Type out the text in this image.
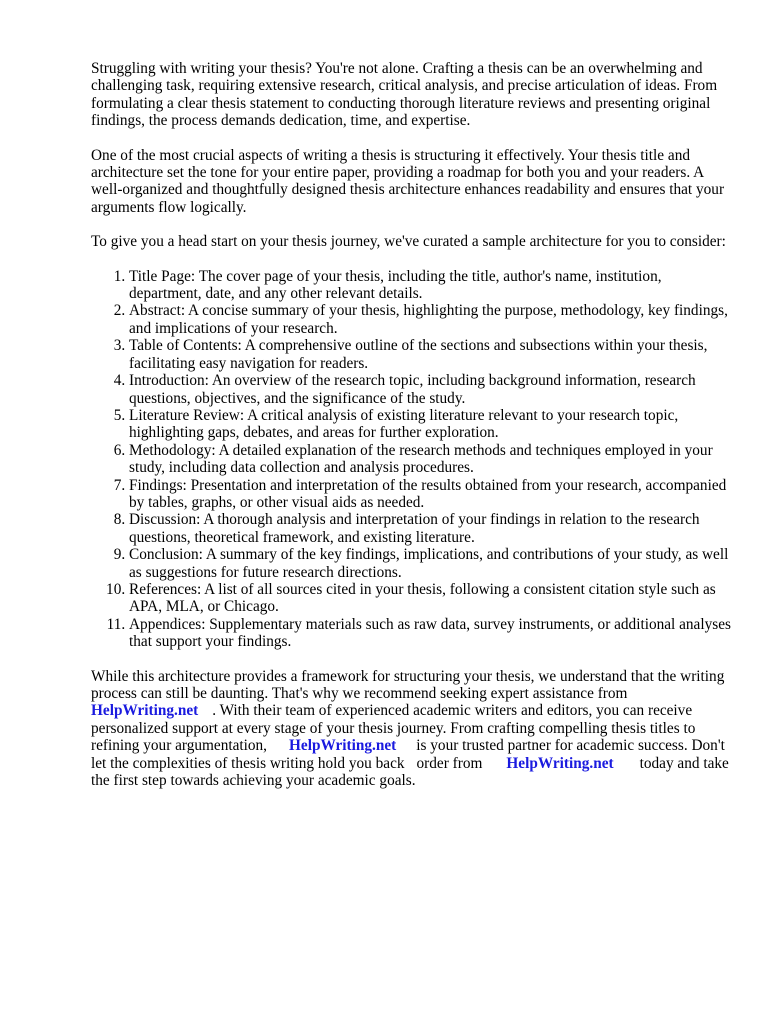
Struggling with writing your thesis? You're not alone. Crafting a thesis can be an overwhelming and challenging task, requiring extensive research, critical analysis, and precise articulation of ideas. From formulating a clear thesis statement to conducting thorough literature reviews and presenting original findings, the process demands dedication, time, and expertise.

One of the most crucial aspects of writing a thesis is structuring it effectively. Your thesis title and architecture set the tone for your entire paper, providing a roadmap for both you and your readers. A well-organized and thoughtfully designed thesis architecture enhances readability and ensures that your arguments flow logically.

To give you a head start on your thesis journey, we've curated a sample architecture for you to consider:

1. Title Page: The cover page of your thesis, including the title, author's name, institution, department, date, and any other relevant details.
2. Abstract: A concise summary of your thesis, highlighting the purpose, methodology, key findings, and implications of your research.
3. Table of Contents: A comprehensive outline of the sections and subsections within your thesis, facilitating easy navigation for readers.
4. Introduction: An overview of the research topic, including background information, research questions, objectives, and the significance of the study.
5. Literature Review: A critical analysis of existing literature relevant to your research topic, highlighting gaps, debates, and areas for further exploration.
6. Methodology: A detailed explanation of the research methods and techniques employed in your study, including data collection and analysis procedures.
7. Findings: Presentation and interpretation of the results obtained from your research, accompanied by tables, graphs, or other visual aids as needed.
8. Discussion: A thorough analysis and interpretation of your findings in relation to the research questions, theoretical framework, and existing literature.
9. Conclusion: A summary of the key findings, implications, and contributions of your study, as well as suggestions for future research directions.
10. References: A list of all sources cited in your thesis, following a consistent citation style such as APA, MLA, or Chicago.
11. Appendices: Supplementary materials such as raw data, survey instruments, or additional analyses that support your findings.

While this architecture provides a framework for structuring your thesis, we understand that the writing process can still be daunting. That's why we recommend seeking expert assistance from
HelpWriting.net . With their team of experienced academic writers and editors, you can receive personalized support at every stage of your thesis journey. From crafting compelling thesis titles to refining your argumentation, HelpWriting.net is your trusted partner for academic success. Don't let the complexities of thesis writing hold you back order from HelpWriting.net today and take the first step towards achieving your academic goals.
